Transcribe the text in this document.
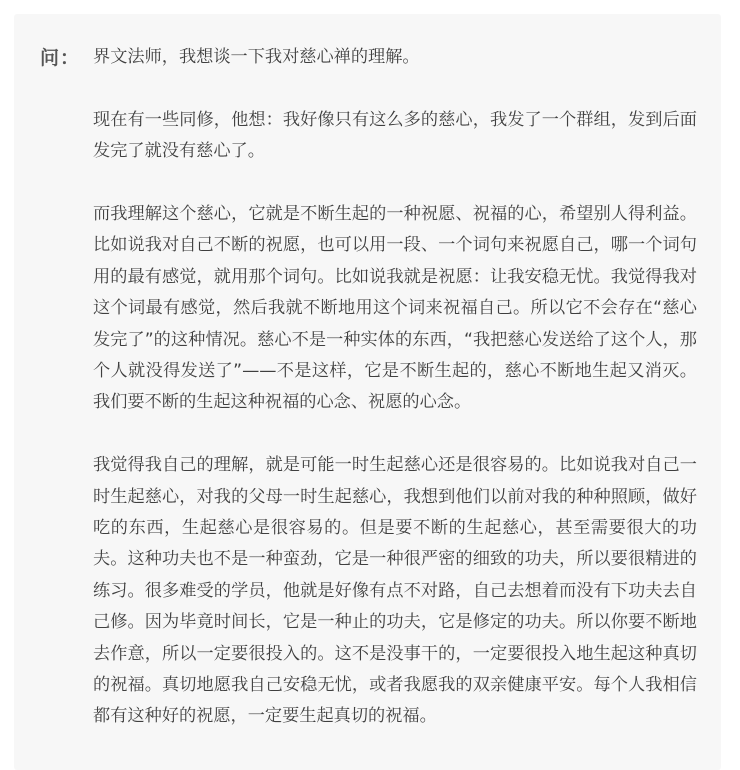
问： 界文法师，我想谈一下我对慈心禅的理解。

现在有一些同修，他想：我好像只有这么多的慈心，我发了一个群组，发到后面发完了就没有慈心了。

而我理解这个慈心，它就是不断生起的一种祝愿、祝福的心，希望别人得利益。比如说我对自己不断的祝愿，也可以用一段、一个词句来祝愿自己，哪一个词句用的最有感觉，就用那个词句。比如说我就是祝愿：让我安稳无忧。我觉得我对这个词最有感觉，然后我就不断地用这个词来祝福自己。所以它不会存在“慈心发完了”的这种情况。慈心不是一种实体的东西，“我把慈心发送给了这个人，那个人就没得发送了”——不是这样，它是不断生起的，慈心不断地生起又消灭。我们要不断的生起这种祝福的心念、祝愿的心念。

我觉得我自己的理解，就是可能一时生起慈心还是很容易的。比如说我对自己一时生起慈心，对我的父母一时生起慈心，我想到他们以前对我的种种照顾，做好吃的东西，生起慈心是很容易的。但是要不断的生起慈心，甚至需要很大的功夫。这种功夫也不是一种蛮劲，它是一种很严密的细致的功夫，所以要很精进的练习。很多难受的学员，他就是好像有点不对路，自己去想着而没有下功夫去自己修。因为毕竟时间长，它是一种止的功夫，它是修定的功夫。所以你要不断地去作意，所以一定要很投入的。这不是没事干的，一定要很投入地生起这种真切的祝福。真切地愿我自己安稳无忧，或者我愿我的双亲健康平安。每个人我相信都有这种好的祝愿，一定要生起真切的祝福。
